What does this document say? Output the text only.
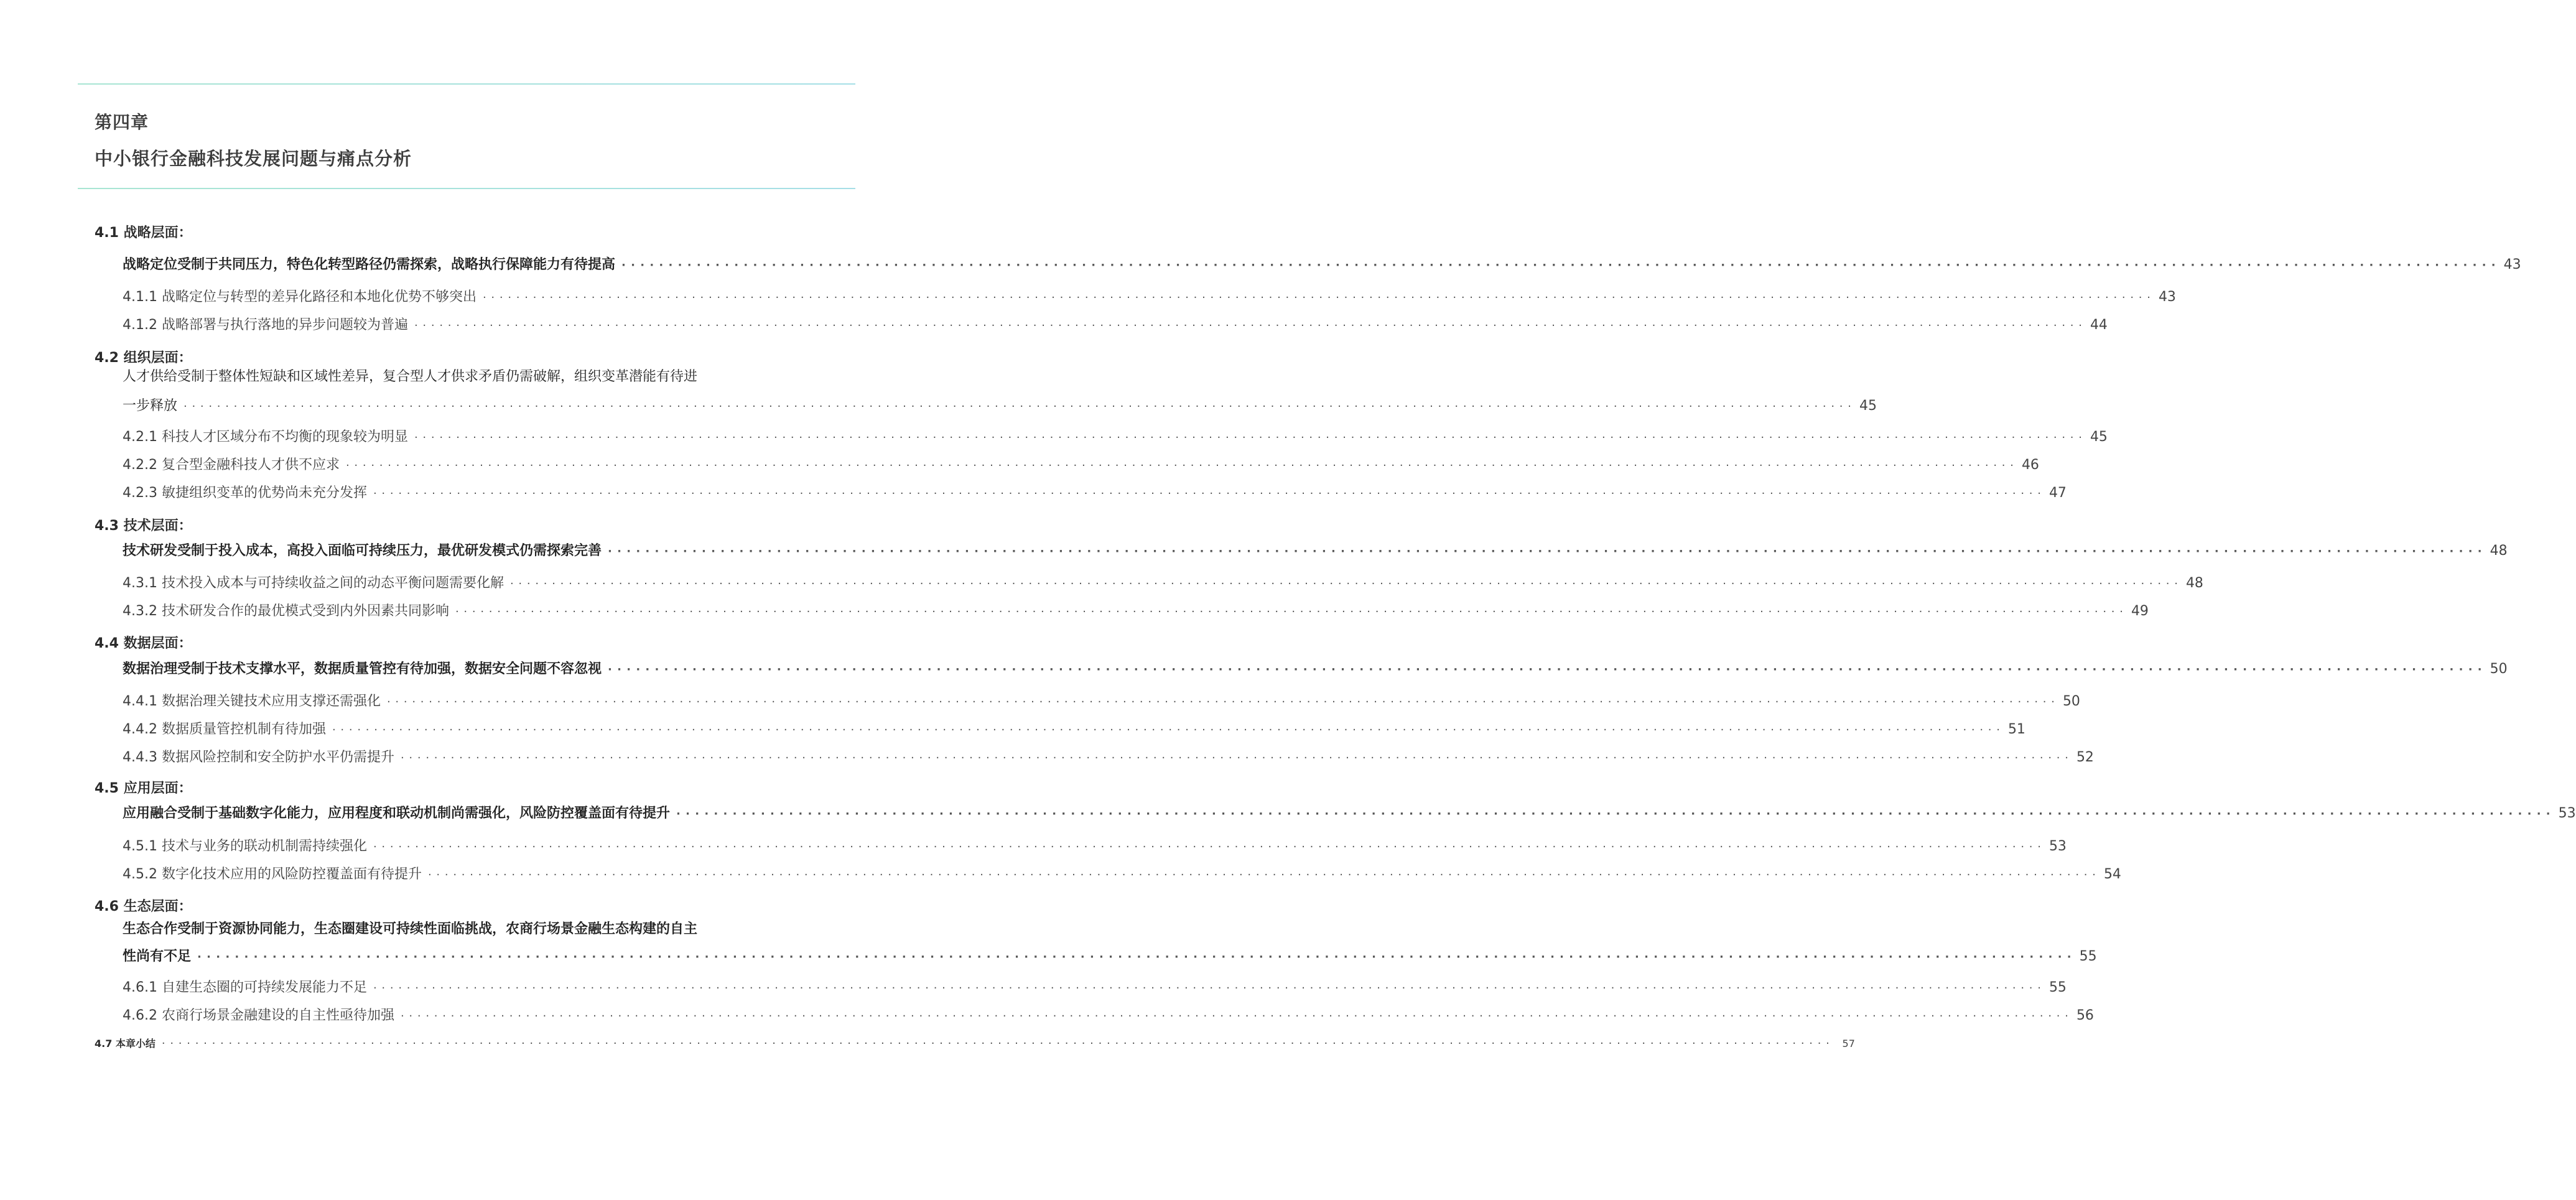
第四章
中小银行金融科技发展问题与痛点分析
4.1 战略层面：
战略定位受制于共同压力，特色化转型路径仍需探索，战略执行保障能力有待提高 · · · · · · · · · · · · · · · · · · · · · · · · · · · · · · · · · · · · · · · · · · · · · · · · · · · · · · · · · · · · · · · · · · · · · · · · · · · · · · · · · · · · · · · · · · · · · · · · · · · · · · · · · · · · · · · · · · · · · · · · · · · · · · · · · · · · · · · · · · · · · · · · · · · · · · · · · · · · · · · · · · · · · · · · · · · · · · · · · · · · · · · · · · · · · · · · · · · · · · · · 43
4.1.1 战略定位与转型的差异化路径和本地化优势不够突出 · · · · · · · · · · · · · · · · · · · · · · · · · · · · · · · · · · · · · · · · · · · · · · · · · · · · · · · · · · · · · · · · · · · · · · · · · · · · · · · · · · · · · · · · · · · · · · · · · · · · · · · · · · · · · · · · · · · · · · · · · · · · · · · · · · · · · · · · · · · · · · · · · · · · · · · · · · · · · · · · · · · · · · · · · · · · · · · · · · · · · · · · · · · · · · · · · · · · · · · · 43
4.1.2 战略部署与执行落地的异步问题较为普遍 · · · · · · · · · · · · · · · · · · · · · · · · · · · · · · · · · · · · · · · · · · · · · · · · · · · · · · · · · · · · · · · · · · · · · · · · · · · · · · · · · · · · · · · · · · · · · · · · · · · · · · · · · · · · · · · · · · · · · · · · · · · · · · · · · · · · · · · · · · · · · · · · · · · · · · · · · · · · · · · · · · · · · · · · · · · · · · · · · · · · · · · · · · · · · · · · · · · · · · · · 44
4.2 组织层面：
人才供给受制于整体性短缺和区域性差异，复合型人才供求矛盾仍需破解，组织变革潜能有待进
一步释放 · · · · · · · · · · · · · · · · · · · · · · · · · · · · · · · · · · · · · · · · · · · · · · · · · · · · · · · · · · · · · · · · · · · · · · · · · · · · · · · · · · · · · · · · · · · · · · · · · · · · · · · · · · · · · · · · · · · · · · · · · · · · · · · · · · · · · · · · · · · · · · · · · · · · · · · · · · · · · · · · · · · · · · · · · · · · · · · · · · · · · · · · · · · · · · · · · · · · · · · · 45
4.2.1 科技人才区域分布不均衡的现象较为明显 · · · · · · · · · · · · · · · · · · · · · · · · · · · · · · · · · · · · · · · · · · · · · · · · · · · · · · · · · · · · · · · · · · · · · · · · · · · · · · · · · · · · · · · · · · · · · · · · · · · · · · · · · · · · · · · · · · · · · · · · · · · · · · · · · · · · · · · · · · · · · · · · · · · · · · · · · · · · · · · · · · · · · · · · · · · · · · · · · · · · · · · · · · · · · · · · · · · · · · · · 45
4.2.2 复合型金融科技人才供不应求 · · · · · · · · · · · · · · · · · · · · · · · · · · · · · · · · · · · · · · · · · · · · · · · · · · · · · · · · · · · · · · · · · · · · · · · · · · · · · · · · · · · · · · · · · · · · · · · · · · · · · · · · · · · · · · · · · · · · · · · · · · · · · · · · · · · · · · · · · · · · · · · · · · · · · · · · · · · · · · · · · · · · · · · · · · · · · · · · · · · · · · · · · · · · · · · · · · · · · · · · 46
4.2.3 敏捷组织变革的优势尚未充分发挥 · · · · · · · · · · · · · · · · · · · · · · · · · · · · · · · · · · · · · · · · · · · · · · · · · · · · · · · · · · · · · · · · · · · · · · · · · · · · · · · · · · · · · · · · · · · · · · · · · · · · · · · · · · · · · · · · · · · · · · · · · · · · · · · · · · · · · · · · · · · · · · · · · · · · · · · · · · · · · · · · · · · · · · · · · · · · · · · · · · · · · · · · · · · · · · · · · · · · · · · · 47
4.3 技术层面：
技术研发受制于投入成本，高投入面临可持续压力，最优研发模式仍需探索完善 · · · · · · · · · · · · · · · · · · · · · · · · · · · · · · · · · · · · · · · · · · · · · · · · · · · · · · · · · · · · · · · · · · · · · · · · · · · · · · · · · · · · · · · · · · · · · · · · · · · · · · · · · · · · · · · · · · · · · · · · · · · · · · · · · · · · · · · · · · · · · · · · · · · · · · · · · · · · · · · · · · · · · · · · · · · · · · · · · · · · · · · · · · · · · · · · · · · · · · · · 48
4.3.1 技术投入成本与可持续收益之间的动态平衡问题需要化解 · · · · · · · · · · · · · · · · · · · · · · · · · · · · · · · · · · · · · · · · · · · · · · · · · · · · · · · · · · · · · · · · · · · · · · · · · · · · · · · · · · · · · · · · · · · · · · · · · · · · · · · · · · · · · · · · · · · · · · · · · · · · · · · · · · · · · · · · · · · · · · · · · · · · · · · · · · · · · · · · · · · · · · · · · · · · · · · · · · · · · · · · · · · · · · · · · · · · · · · · 48
4.3.2 技术研发合作的最优模式受到内外因素共同影响 · · · · · · · · · · · · · · · · · · · · · · · · · · · · · · · · · · · · · · · · · · · · · · · · · · · · · · · · · · · · · · · · · · · · · · · · · · · · · · · · · · · · · · · · · · · · · · · · · · · · · · · · · · · · · · · · · · · · · · · · · · · · · · · · · · · · · · · · · · · · · · · · · · · · · · · · · · · · · · · · · · · · · · · · · · · · · · · · · · · · · · · · · · · · · · · · · · · · · · · · 49
4.4 数据层面：
数据治理受制于技术支撑水平，数据质量管控有待加强，数据安全问题不容忽视 · · · · · · · · · · · · · · · · · · · · · · · · · · · · · · · · · · · · · · · · · · · · · · · · · · · · · · · · · · · · · · · · · · · · · · · · · · · · · · · · · · · · · · · · · · · · · · · · · · · · · · · · · · · · · · · · · · · · · · · · · · · · · · · · · · · · · · · · · · · · · · · · · · · · · · · · · · · · · · · · · · · · · · · · · · · · · · · · · · · · · · · · · · · · · · · · · · · · · · · · 50
4.4.1 数据治理关键技术应用支撑还需强化 · · · · · · · · · · · · · · · · · · · · · · · · · · · · · · · · · · · · · · · · · · · · · · · · · · · · · · · · · · · · · · · · · · · · · · · · · · · · · · · · · · · · · · · · · · · · · · · · · · · · · · · · · · · · · · · · · · · · · · · · · · · · · · · · · · · · · · · · · · · · · · · · · · · · · · · · · · · · · · · · · · · · · · · · · · · · · · · · · · · · · · · · · · · · · · · · · · · · · · · · 50
4.4.2 数据质量管控机制有待加强 · · · · · · · · · · · · · · · · · · · · · · · · · · · · · · · · · · · · · · · · · · · · · · · · · · · · · · · · · · · · · · · · · · · · · · · · · · · · · · · · · · · · · · · · · · · · · · · · · · · · · · · · · · · · · · · · · · · · · · · · · · · · · · · · · · · · · · · · · · · · · · · · · · · · · · · · · · · · · · · · · · · · · · · · · · · · · · · · · · · · · · · · · · · · · · · · · · · · · · · · 51
4.4.3 数据风险控制和安全防护水平仍需提升 · · · · · · · · · · · · · · · · · · · · · · · · · · · · · · · · · · · · · · · · · · · · · · · · · · · · · · · · · · · · · · · · · · · · · · · · · · · · · · · · · · · · · · · · · · · · · · · · · · · · · · · · · · · · · · · · · · · · · · · · · · · · · · · · · · · · · · · · · · · · · · · · · · · · · · · · · · · · · · · · · · · · · · · · · · · · · · · · · · · · · · · · · · · · · · · · · · · · · · · · 52
4.5 应用层面：
应用融合受制于基础数字化能力，应用程度和联动机制尚需强化，风险防控覆盖面有待提升 · · · · · · · · · · · · · · · · · · · · · · · · · · · · · · · · · · · · · · · · · · · · · · · · · · · · · · · · · · · · · · · · · · · · · · · · · · · · · · · · · · · · · · · · · · · · · · · · · · · · · · · · · · · · · · · · · · · · · · · · · · · · · · · · · · · · · · · · · · · · · · · · · · · · · · · · · · · · · · · · · · · · · · · · · · · · · · · · · · · · · · · · · · · · · · · · · · · · · · · · 53
4.5.1 技术与业务的联动机制需持续强化 · · · · · · · · · · · · · · · · · · · · · · · · · · · · · · · · · · · · · · · · · · · · · · · · · · · · · · · · · · · · · · · · · · · · · · · · · · · · · · · · · · · · · · · · · · · · · · · · · · · · · · · · · · · · · · · · · · · · · · · · · · · · · · · · · · · · · · · · · · · · · · · · · · · · · · · · · · · · · · · · · · · · · · · · · · · · · · · · · · · · · · · · · · · · · · · · · · · · · · · · 53
4.5.2 数字化技术应用的风险防控覆盖面有待提升 · · · · · · · · · · · · · · · · · · · · · · · · · · · · · · · · · · · · · · · · · · · · · · · · · · · · · · · · · · · · · · · · · · · · · · · · · · · · · · · · · · · · · · · · · · · · · · · · · · · · · · · · · · · · · · · · · · · · · · · · · · · · · · · · · · · · · · · · · · · · · · · · · · · · · · · · · · · · · · · · · · · · · · · · · · · · · · · · · · · · · · · · · · · · · · · · · · · · · · · · 54
4.6 生态层面：
生态合作受制于资源协同能力，生态圈建设可持续性面临挑战，农商行场景金融生态构建的自主
性尚有不足 · · · · · · · · · · · · · · · · · · · · · · · · · · · · · · · · · · · · · · · · · · · · · · · · · · · · · · · · · · · · · · · · · · · · · · · · · · · · · · · · · · · · · · · · · · · · · · · · · · · · · · · · · · · · · · · · · · · · · · · · · · · · · · · · · · · · · · · · · · · · · · · · · · · · · · · · · · · · · · · · · · · · · · · · · · · · · · · · · · · · · · · · · · · · · · · · · · · · · · · · 55
4.6.1 自建生态圈的可持续发展能力不足 · · · · · · · · · · · · · · · · · · · · · · · · · · · · · · · · · · · · · · · · · · · · · · · · · · · · · · · · · · · · · · · · · · · · · · · · · · · · · · · · · · · · · · · · · · · · · · · · · · · · · · · · · · · · · · · · · · · · · · · · · · · · · · · · · · · · · · · · · · · · · · · · · · · · · · · · · · · · · · · · · · · · · · · · · · · · · · · · · · · · · · · · · · · · · · · · · · · · · · · · 55
4.6.2 农商行场景金融建设的自主性亟待加强 · · · · · · · · · · · · · · · · · · · · · · · · · · · · · · · · · · · · · · · · · · · · · · · · · · · · · · · · · · · · · · · · · · · · · · · · · · · · · · · · · · · · · · · · · · · · · · · · · · · · · · · · · · · · · · · · · · · · · · · · · · · · · · · · · · · · · · · · · · · · · · · · · · · · · · · · · · · · · · · · · · · · · · · · · · · · · · · · · · · · · · · · · · · · · · · · · · · · · · · · 56
4.7 本章小结 · · · · · · · · · · · · · · · · · · · · · · · · · · · · · · · · · · · · · · · · · · · · · · · · · · · · · · · · · · · · · · · · · · · · · · · · · · · · · · · · · · · · · · · · · · · · · · · · · · · · · · · · · · · · · · · · · · · · · · · · · · · · · · · · · · · · · · · · · · · · · · · · · · · · · · · · · · · · · · · · · · · · · · · · · · · · · · · · · · · · · · · · · · · · · · · · · · · · · · · ·	57
